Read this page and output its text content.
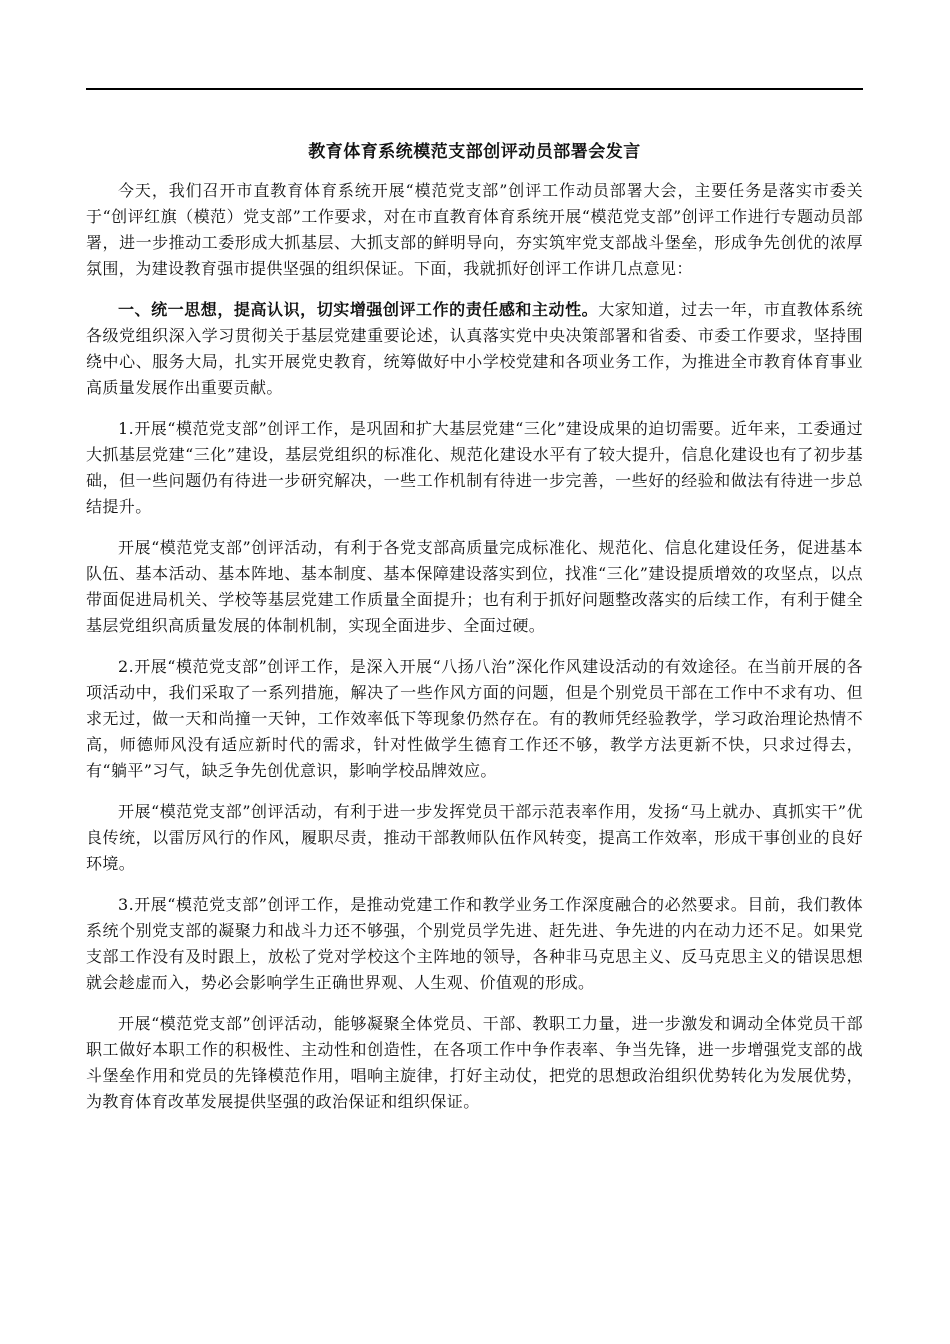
教育体育系统模范支部创评动员部署会发言

今天，我们召开市直教育体育系统开展“模范党支部”创评工作动员部署大会，主要任务是落实市委关于“创评红旗（模范）党支部”工作要求，对在市直教育体育系统开展“模范党支部”创评工作进行专题动员部署，进一步推动工委形成大抓基层、大抓支部的鲜明导向，夯实筑牢党支部战斗堡垒，形成争先创优的浓厚氛围，为建设教育强市提供坚强的组织保证。下面，我就抓好创评工作讲几点意见：

一、统一思想，提高认识，切实增强创评工作的责任感和主动性。大家知道，过去一年，市直教体系统各级党组织深入学习贯彻关于基层党建重要论述，认真落实党中央决策部署和省委、市委工作要求，坚持围绕中心、服务大局，扎实开展党史教育，统筹做好中小学校党建和各项业务工作，为推进全市教育体育事业高质量发展作出重要贡献。

1.开展“模范党支部”创评工作，是巩固和扩大基层党建“三化”建设成果的迫切需要。近年来，工委通过大抓基层党建“三化”建设，基层党组织的标准化、规范化建设水平有了较大提升，信息化建设也有了初步基础，但一些问题仍有待进一步研究解决，一些工作机制有待进一步完善，一些好的经验和做法有待进一步总结提升。

开展“模范党支部”创评活动，有利于各党支部高质量完成标准化、规范化、信息化建设任务，促进基本队伍、基本活动、基本阵地、基本制度、基本保障建设落实到位，找准“三化”建设提质增效的攻坚点，以点带面促进局机关、学校等基层党建工作质量全面提升；也有利于抓好问题整改落实的后续工作，有利于健全基层党组织高质量发展的体制机制，实现全面进步、全面过硬。

2.开展“模范党支部”创评工作，是深入开展“八扬八治”深化作风建设活动的有效途径。在当前开展的各项活动中，我们采取了一系列措施，解决了一些作风方面的问题，但是个别党员干部在工作中不求有功、但求无过，做一天和尚撞一天钟，工作效率低下等现象仍然存在。有的教师凭经验教学，学习政治理论热情不高，师德师风没有适应新时代的需求，针对性做学生德育工作还不够，教学方法更新不快，只求过得去，有“躺平”习气，缺乏争先创优意识，影响学校品牌效应。

开展“模范党支部”创评活动，有利于进一步发挥党员干部示范表率作用，发扬“马上就办、真抓实干”优良传统，以雷厉风行的作风，履职尽责，推动干部教师队伍作风转变，提高工作效率，形成干事创业的良好环境。

3.开展“模范党支部”创评工作，是推动党建工作和教学业务工作深度融合的必然要求。目前，我们教体系统个别党支部的凝聚力和战斗力还不够强，个别党员学先进、赶先进、争先进的内在动力还不足。如果党支部工作没有及时跟上，放松了党对学校这个主阵地的领导，各种非马克思主义、反马克思主义的错误思想就会趁虚而入，势必会影响学生正确世界观、人生观、价值观的形成。

开展“模范党支部”创评活动，能够凝聚全体党员、干部、教职工力量，进一步激发和调动全体党员干部职工做好本职工作的积极性、主动性和创造性，在各项工作中争作表率、争当先锋，进一步增强党支部的战斗堡垒作用和党员的先锋模范作用，唱响主旋律，打好主动仗，把党的思想政治组织优势转化为发展优势，为教育体育改革发展提供坚强的政治保证和组织保证。
